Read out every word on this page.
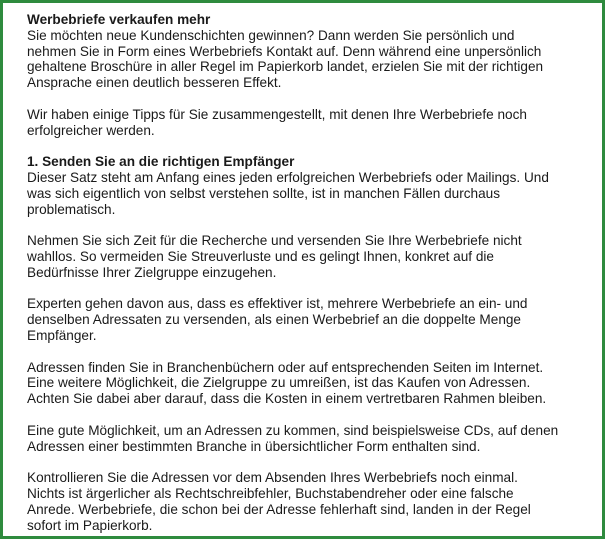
Werbebriefe verkaufen mehr

Sie möchten neue Kundenschichten gewinnen? Dann werden Sie persönlich und

nehmen Sie in Form eines Werbebriefs Kontakt auf. Denn während eine unpersönlich

gehaltene Broschüre in aller Regel im Papierkorb landet, erzielen Sie mit der richtigen

Ansprache einen deutlich besseren Effekt.

Wir haben einige Tipps für Sie zusammengestellt, mit denen Ihre Werbebriefe noch

erfolgreicher werden.

1. Senden Sie an die richtigen Empfänger

Dieser Satz steht am Anfang eines jeden erfolgreichen Werbebriefs oder Mailings. Und

was sich eigentlich von selbst verstehen sollte, ist in manchen Fällen durchaus

problematisch.

Nehmen Sie sich Zeit für die Recherche und versenden Sie Ihre Werbebriefe nicht

wahllos. So vermeiden Sie Streuverluste und es gelingt Ihnen, konkret auf die

Bedürfnisse Ihrer Zielgruppe einzugehen.

Experten gehen davon aus, dass es effektiver ist, mehrere Werbebriefe an ein- und

denselben Adressaten zu versenden, als einen Werbebrief an die doppelte Menge

Empfänger.

Adressen finden Sie in Branchenbüchern oder auf entsprechenden Seiten im Internet.

Eine weitere Möglichkeit, die Zielgruppe zu umreißen, ist das Kaufen von Adressen.

Achten Sie dabei aber darauf, dass die Kosten in einem vertretbaren Rahmen bleiben.

Eine gute Möglichkeit, um an Adressen zu kommen, sind beispielsweise CDs, auf denen

Adressen einer bestimmten Branche in übersichtlicher Form enthalten sind.

Kontrollieren Sie die Adressen vor dem Absenden Ihres Werbebriefs noch einmal.

Nichts ist ärgerlicher als Rechtschreibfehler, Buchstabendreher oder eine falsche

Anrede. Werbebriefe, die schon bei der Adresse fehlerhaft sind, landen in der Regel

sofort im Papierkorb.
